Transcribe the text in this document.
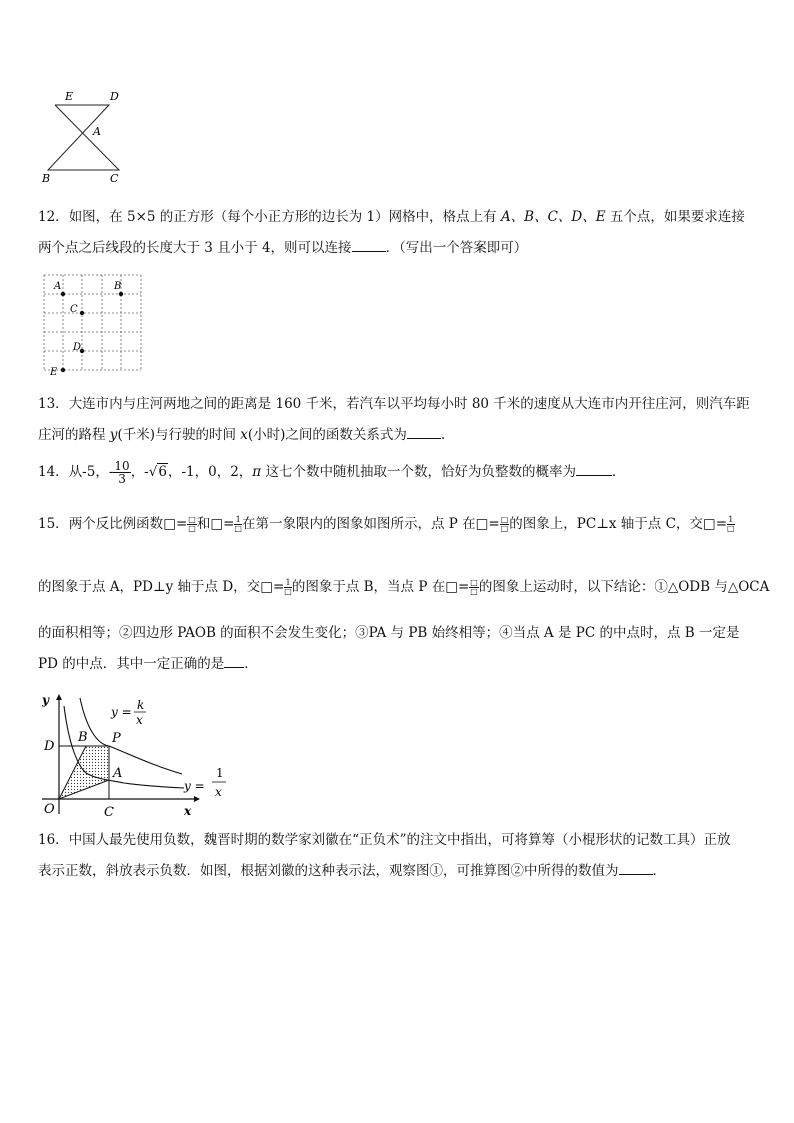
E	D
A
B	C
12．如图，在 5×5 的正方形（每个小正方形的边长为 1）网格中，格点上有 A、B、C、D、E 五个点，如果要求连接
两个点之后线段的长度大于 3 且小于 4，则可以连接	．（写出一个答案即可）
A	B
C
D
E
13．大连市内与庄河两地之间的距离是 160 千米，若汽车以平均每小时 80 千米的速度从大连市内开往庄河，则汽车距
庄河的路程 y(千米)与行驶的时间 x(小时)之间的函数关系式为	．
14．从-5，- $\frac{10}{3}$ ，-√6，-1，0，2，π 这七个数中随机抽取一个数，恰好为负整数的概率为	．
15．两个反比例函数□= $\frac{□}{□}$ 和□= $\frac{1}{□}$ 在第一象限内的图象如图所示，点 P 在□= $\frac{□}{□}$ 的图象上，PC⊥x 轴于点 C，交□= $\frac{1}{□}$
的图象于点 A，PD⊥y 轴于点 D，交□= $\frac{1}{□}$ 的图象于点 B，当点 P 在□= $\frac{□}{□}$ 的图象上运动时，以下结论：①△ODB 与△OCA
的面积相等；②四边形 PAOB 的面积不会发生变化；③PA 与 PB 始终相等；④当点 A 是 PC 的中点时，点 B 一定是
PD 的中点．其中一定正确的是 ．
y
x
O
D
B P
A
C
y = k
x
y =
1
x
16．中国人最先使用负数，魏晋时期的数学家刘徽在“正负术”的注文中指出，可将算筹（小棍形状的记数工具）正放
表示正数，斜放表示负数．如图，根据刘徽的这种表示法，观察图①，可推算图②中所得的数值为	．
